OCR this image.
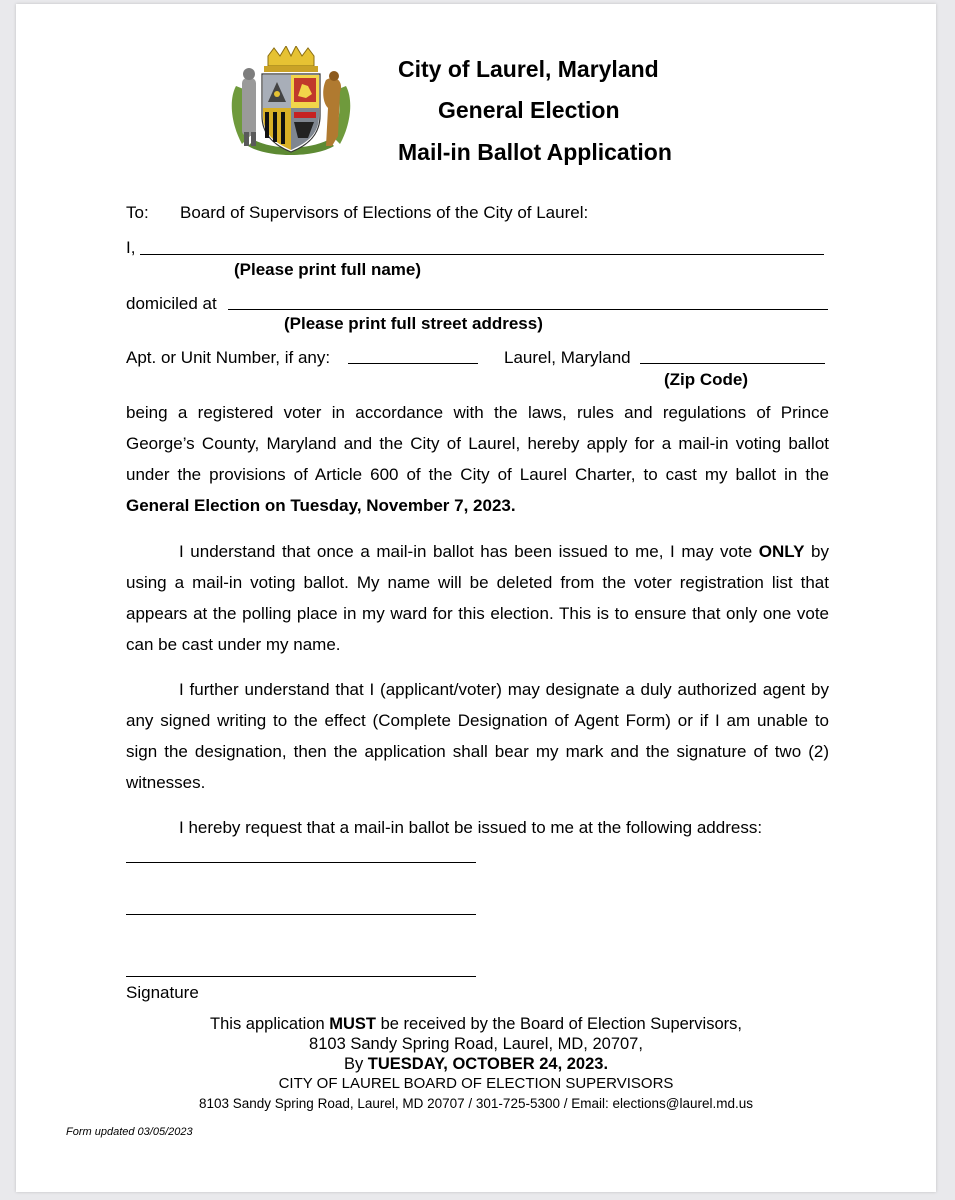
City of Laurel, Maryland
General Election
Mail-in Ballot Application
To: Board of Supervisors of Elections of the City of Laurel:
I,
(Please print full name)
domiciled at
(Please print full street address)
Apt. or Unit Number, if any:	Laurel, Maryland
(Zip Code)
being a registered voter in accordance with the laws, rules and regulations of Prince George’s County, Maryland and the City of Laurel, hereby apply for a mail-in voting ballot under the provisions of Article 600 of the City of Laurel Charter, to cast my ballot in the General Election on Tuesday, November 7, 2023.
I understand that once a mail-in ballot has been issued to me, I may vote ONLY by using a mail-in voting ballot. My name will be deleted from the voter registration list that appears at the polling place in my ward for this election. This is to ensure that only one vote can be cast under my name.
I further understand that I (applicant/voter) may designate a duly authorized agent by any signed writing to the effect (Complete Designation of Agent Form) or if I am unable to sign the designation, then the application shall bear my mark and the signature of two (2) witnesses.
I hereby request that a mail-in ballot be issued to me at the following address:
Signature
This application MUST be received by the Board of Election Supervisors,
8103 Sandy Spring Road, Laurel, MD, 20707,
By TUESDAY, OCTOBER 24, 2023.
CITY OF LAUREL BOARD OF ELECTION SUPERVISORS
8103 Sandy Spring Road, Laurel, MD 20707 / 301-725-5300 / Email: elections@laurel.md.us
Form updated 03/05/2023
